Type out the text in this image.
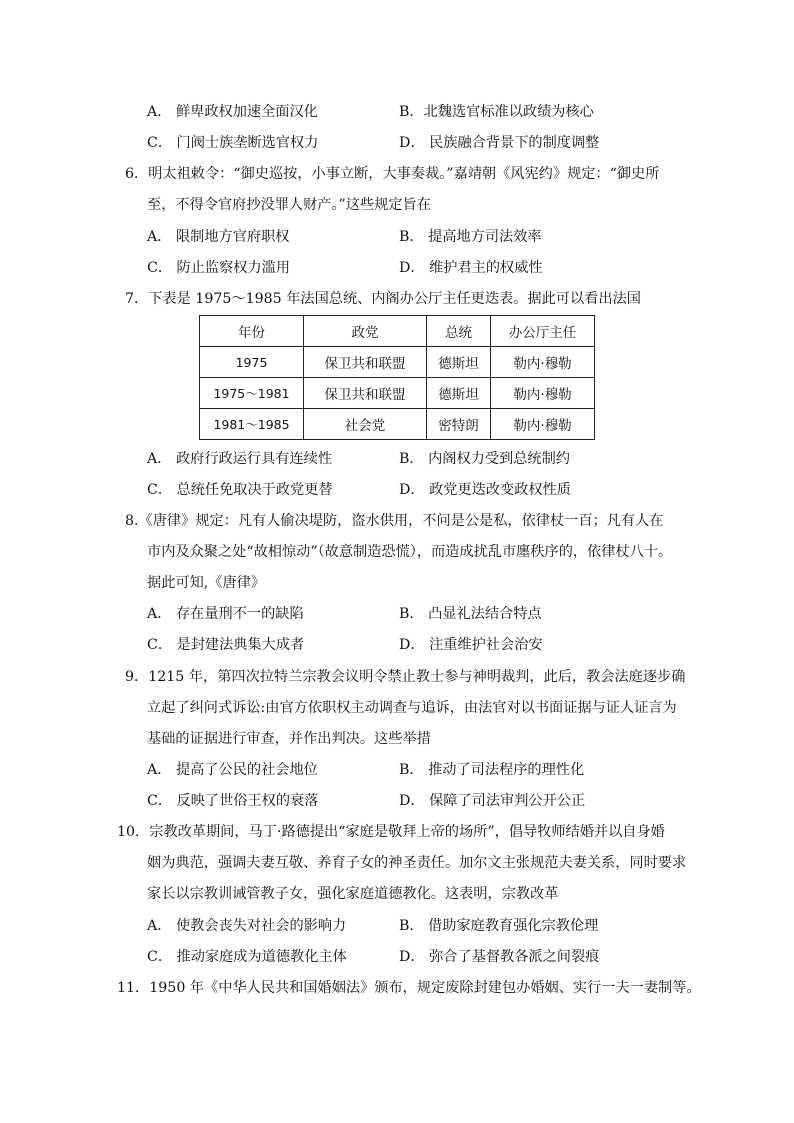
A． 鲜卑政权加速全面汉化	B．北魏选官标准以政绩为核心
C． 门阀士族垄断选官权力	D． 民族融合背景下的制度调整
6．明太祖敕令：“御史巡按，小事立断，大事奏裁。”嘉靖朝《风宪约》规定：“御史所
至，不得令官府抄没罪人财产。”这些规定旨在
A． 限制地方官府职权	B． 提高地方司法效率
C． 防止监察权力滥用	D． 维护君主的权威性
7．下表是 1975～1985 年法国总统、内阁办公厅主任更迭表。据此可以看出法国
年份	政党	总统	办公厅主任
1975	保卫共和联盟	德斯坦	勒内·穆勒
1975～1981	保卫共和联盟	德斯坦	勒内·穆勒
1981～1985	社会党	密特朗	勒内·穆勒
A． 政府行政运行具有连续性	B． 内阁权力受到总统制约
C． 总统任免取决于政党更替	D． 政党更迭改变政权性质
8.《唐律》规定：凡有人偷决堤防，盗水供用，不问是公是私，依律杖一百；凡有人在
市内及众聚之处“故相惊动”（故意制造恐慌），而造成扰乱市廛秩序的，依律杖八十。
据此可知,《唐律》
A． 存在量刑不一的缺陷	B． 凸显礼法结合特点
C． 是封建法典集大成者	D． 注重维护社会治安
9．1215 年，第四次拉特兰宗教会议明令禁止教士参与神明裁判，此后，教会法庭逐步确
立起了纠问式诉讼:由官方依职权主动调查与追诉，由法官对以书面证据与证人证言为
基础的证据进行审查，并作出判决。这些举措
A． 提高了公民的社会地位	B． 推动了司法程序的理性化
C． 反映了世俗王权的衰落	D． 保障了司法审判公开公正
10．宗教改革期间，马丁·路德提出“家庭是敬拜上帝的场所”，倡导牧师结婚并以自身婚
姻为典范，强调夫妻互敬、养育子女的神圣责任。加尔文主张规范夫妻关系，同时要求
家长以宗教训诫管教子女，强化家庭道德教化。这表明，宗教改革
A． 使教会丧失对社会的影响力	B． 借助家庭教育强化宗教伦理
C． 推动家庭成为道德教化主体	D． 弥合了基督教各派之间裂痕
11．1950 年《中华人民共和国婚姻法》颁布，规定废除封建包办婚姻、实行一夫一妻制等。
